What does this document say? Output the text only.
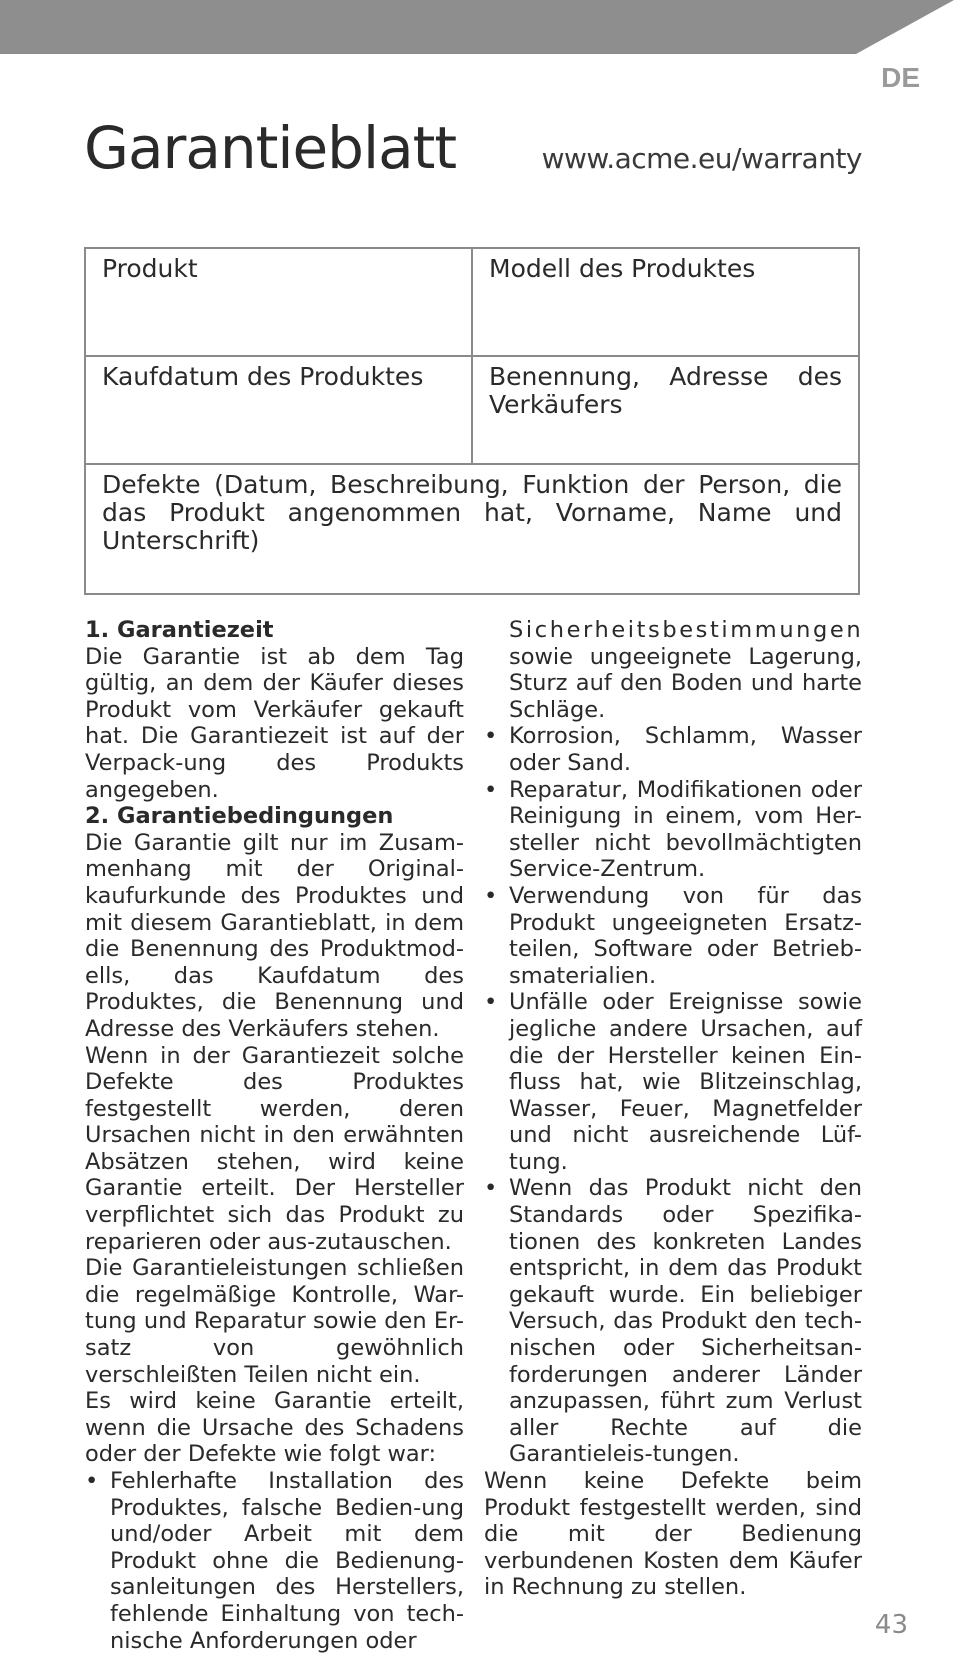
DE
Garantieblatt	www.acme.eu/warranty
Produkt	Modell des Produktes
Kaufdatum des Produktes	Benennung, Adresse des Verkäufers
Defekte (Datum, Beschreibung, Funktion der Person, die das Produkt angenommen hat, Vorname, Name und Unterschrift)	

1. Garantiezeit

Die Garantie ist ab dem Tag gültig, an dem der Käufer dieses Produkt vom Verkäufer gekauft hat. Die Garantiezeit ist auf der Verpack-ung des Produkts angegeben.

2. Garantiebedingungen

Die Garantie gilt nur im Zusam-menhang mit der Original-kaufurkunde des Produktes und mit diesem Garantieblatt, in dem die Benennung des Produktmod-ells, das Kaufdatum des Produktes, die Benennung und Adresse des Verkäufers stehen.

Wenn in der Garantiezeit solche Defekte des Produktes festgestellt werden, deren Ursachen nicht in den erwähnten Absätzen stehen, wird keine Garantie erteilt. Der Hersteller verpflichtet sich das Produkt zu reparieren oder aus-zutauschen.

Die Garantieleistungen schließen die regelmäßige Kontrolle, War-tung und Reparatur sowie den Er-satz von gewöhnlich verschleißten Teilen nicht ein.

Es wird keine Garantie erteilt, wenn die Ursache des Schadens oder der Defekte wie folgt war:

• Fehlerhafte Installation des Produktes, falsche Bedien-ung und/oder Arbeit mit dem Produkt ohne die Bedienung-sanleitungen des Herstellers, fehlende Einhaltung von tech-nische Anforderungen oder
Sicherheitsbestimmungen
sowie ungeeignete Lagerung, Sturz auf den Boden und harte Schläge.
• Korrosion, Schlamm, Wasser oder Sand.
• Reparatur, Modifikationen oder Reinigung in einem, vom Her-steller nicht bevollmächtigten Service-Zentrum.
• Verwendung von für das Produkt ungeeigneten Ersatz-teilen, Software oder Betrieb-smaterialien.
• Unfälle oder Ereignisse sowie jegliche andere Ursachen, auf die der Hersteller keinen Ein-fluss hat, wie Blitzeinschlag, Wasser, Feuer, Magnetfelder und nicht ausreichende Lüf-tung.
• Wenn das Produkt nicht den Standards oder Spezifika-tionen des konkreten Landes entspricht, in dem das Produkt gekauft wurde. Ein beliebiger Versuch, das Produkt den tech-nischen oder Sicherheitsan-forderungen anderer Länder anzupassen, führt zum Verlust aller Rechte auf die Garantieleis-tungen.

Wenn keine Defekte beim Produkt festgestellt werden, sind die mit der Bedienung verbundenen Kosten dem Käufer in Rechnung zu stellen.

43
